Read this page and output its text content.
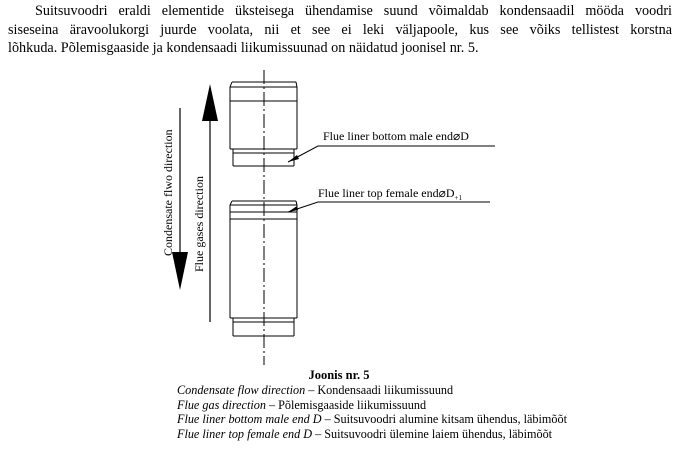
Suitsuvoodri eraldi elementide üksteisega ühendamise suund võimaldab kondensaadil mööda voodri
siseseina äravoolukorgi juurde voolata, nii et see ei leki väljapoole, kus see võiks tellistest korstna
lõhkuda. Põlemisgaaside ja kondensaadi liikumissuunad on näidatud joonisel nr. 5.

Condensate flwo direction Flue gases direction
Flue liner bottom male end⌀D
Flue liner top female $end⌀D_{+1}$
Joonis nr. 5
Condensate flow direction – Kondensaadi liikumissuund
Flue gas direction – Põlemisgaaside liikumissuund
Flue liner bottom male end D – Suitsuvoodri alumine kitsam ühendus, läbimõõt
Flue liner top female end D – Suitsuvoodri ülemine laiem ühendus, läbimõõt
